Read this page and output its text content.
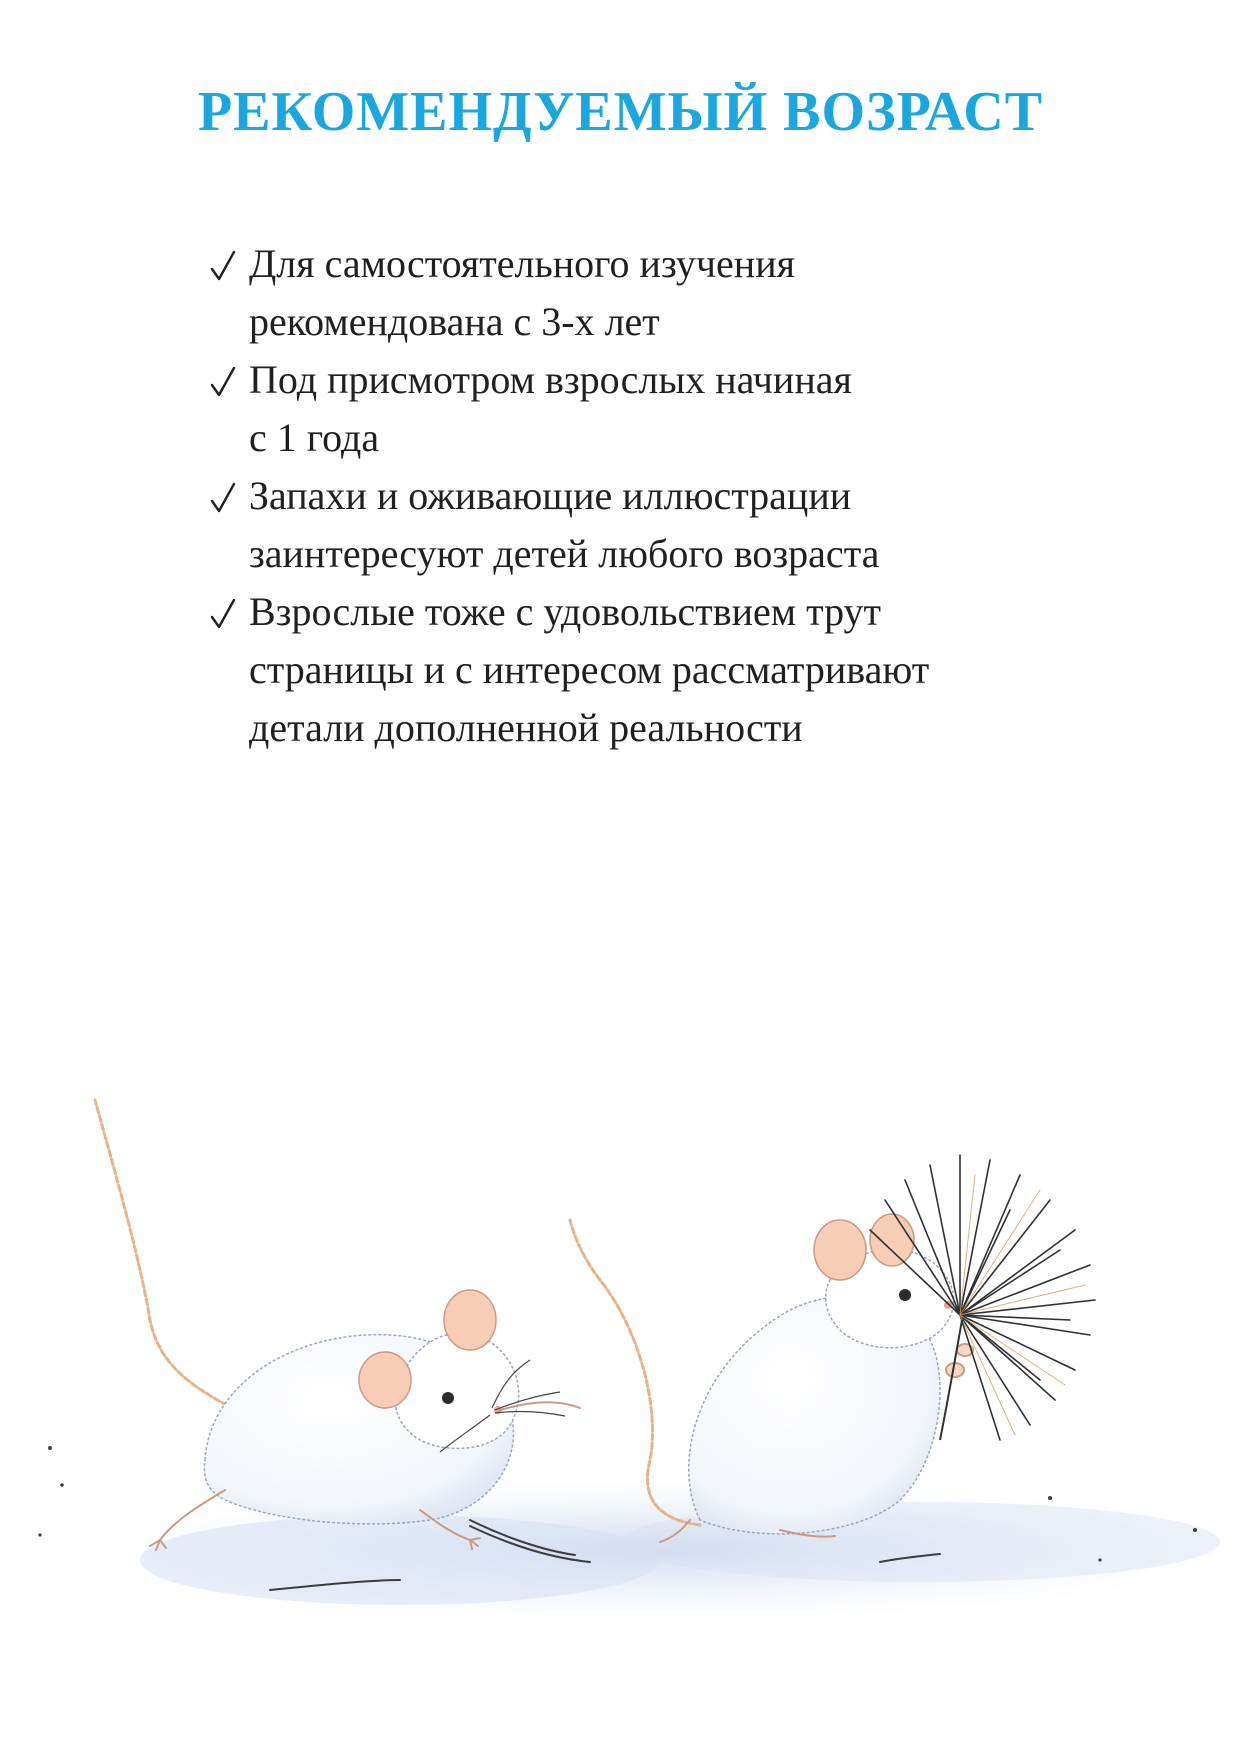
РЕКОМЕНДУЕМЫЙ ВОЗРАСТ
Для самостоятельного изучения
рекомендована с 3-х лет
Под присмотром взрослых начиная
с 1 года
Запахи и оживающие иллюстрации
заинтересуют детей любого возраста
Взрослые тоже с удовольствием трут
страницы и с интересом рассматривают
детали дополненной реальности
